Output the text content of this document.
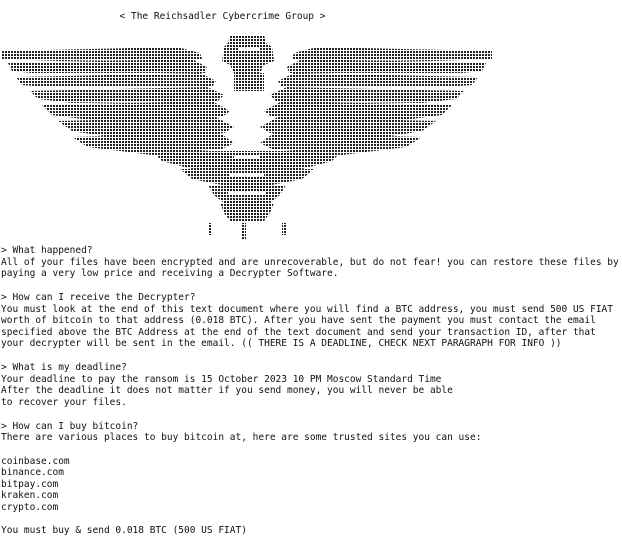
< The Reichsadler Cybercrime Group >
> What happened?
All of your files have been encrypted and are unrecoverable, but do not fear! you can restore these files by
paying a very low price and receiving a Decrypter Software.
> How can I receive the Decrypter?
You must look at the end of this text document where you will find a BTC address, you must send 500 US FIAT
worth of bitcoin to that address (0.018 BTC). After you have sent the payment you must contact the email
specified above the BTC Address at the end of the text document and send your transaction ID, after that
your decrypter will be sent in the email. (( THERE IS A DEADLINE, CHECK NEXT PARAGRAPH FOR INFO ))
> What is my deadline?
Your deadline to pay the ransom is 15 October 2023 10 PM Moscow Standard Time
After the deadline it does not matter if you send money, you will never be able
to recover your files.
> How can I buy bitcoin?
There are various places to buy bitcoin at, here are some trusted sites you can use:
coinbase.com
binance.com
bitpay.com
kraken.com
crypto.com
You must buy & send 0.018 BTC (500 US FIAT)
